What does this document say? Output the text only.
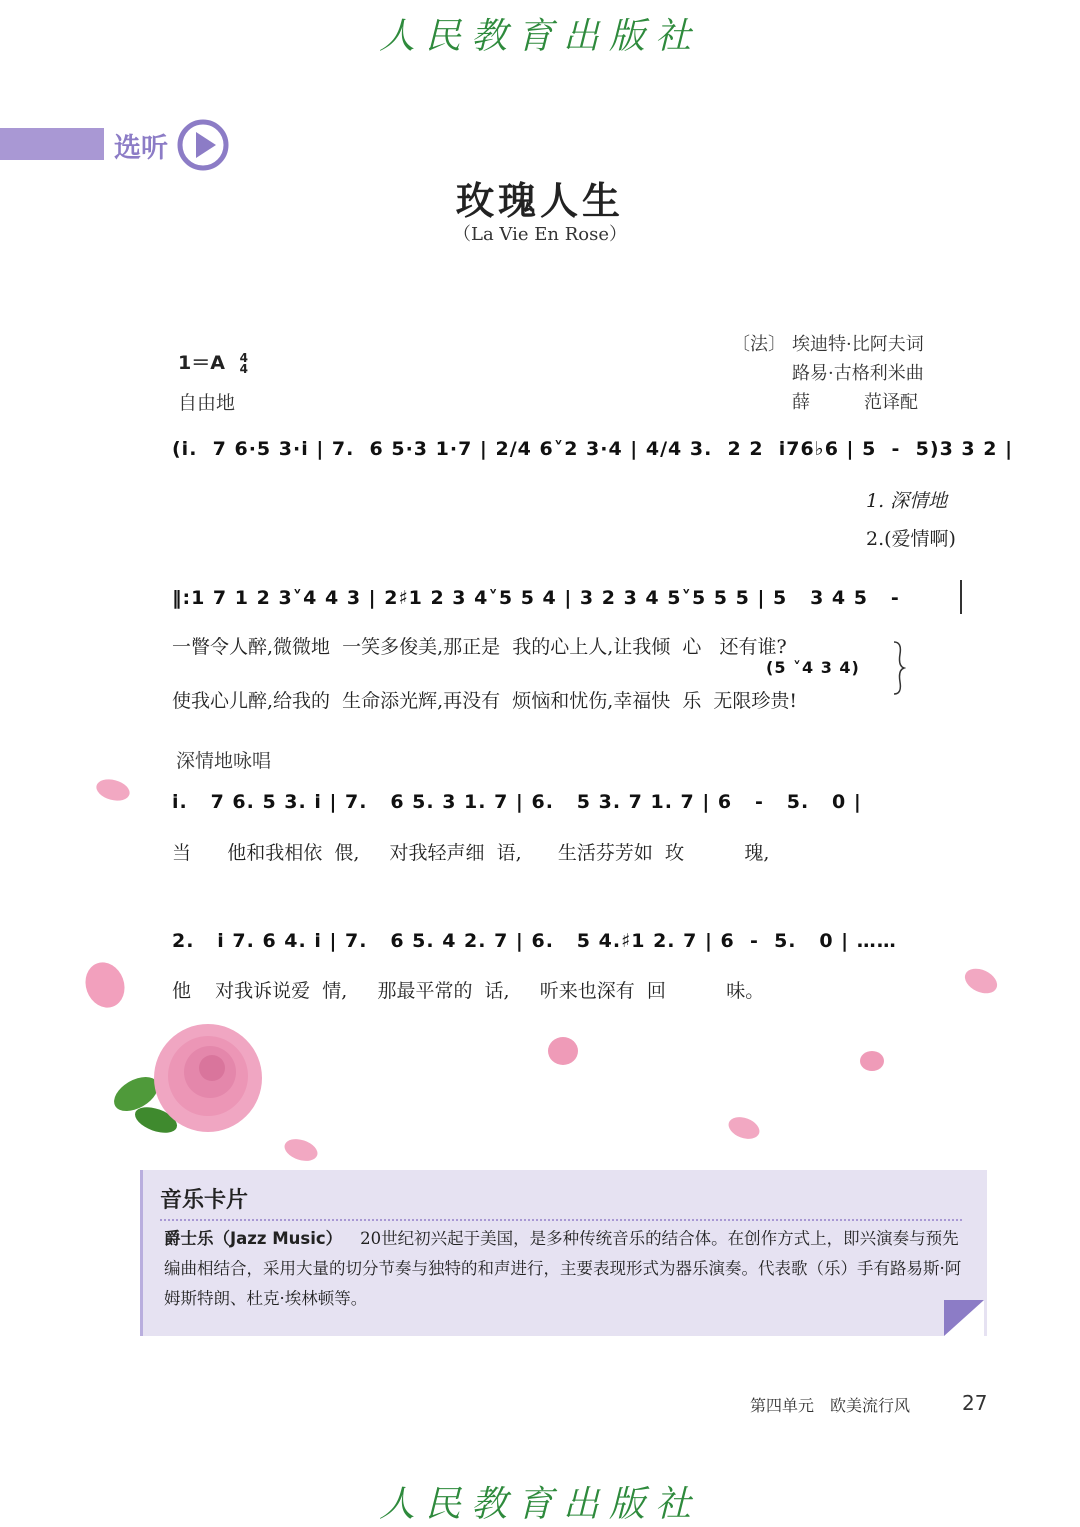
人民教育出版社
选听
玫瑰人生
（La Vie En Rose）
〔法〕 埃迪特·比阿夫词
路易·古格利米曲
薛　　　范译配
1＝A 4
4
自由地
(i.  7 6·5 3·i | 7.  6 5·3 1·7 | 2/4 6˅2 3·4 | 4/4 3.  2 2  i76♭6 | 5  -  5)3 3 2 |
1. 深情地
2.(爱情啊)
‖:1 7 1 2 3˅4 4 3 | 2♯1 2 3 4˅5 5 4 | 3 2 3 4 5˅5 5 5 | 5   3 4 5   -
一瞥令人醉,微微地  一笑多俊美,那正是  我的心上人,让我倾  心   还有谁?
(5 ˅4 3 4)
使我心儿醉,给我的  生命添光辉,再没有  烦恼和忧伤,幸福快  乐  无限珍贵!
深情地咏唱
i.   7 6. 5 3. i | 7.   6 5. 3 1. 7 | 6.   5 3. 7 1. 7 | 6   -   5.   0 |
当      他和我相依  偎,     对我轻声细  语,      生活芬芳如  玫          瑰,
2.   i 7. 6 4. i | 7.   6 5. 4 2. 7 | 6.   5 4.♯1 2. 7 | 6  -  5.   0 | ……
他    对我诉说爱  情,     那最平常的  话,     听来也深有  回          味。
音乐卡片
爵士乐（Jazz Music） 20世纪初兴起于美国，是多种传统音乐的结合体。在创作方式上，即兴演奏与预先编曲相结合，采用大量的切分节奏与独特的和声进行，主要表现形式为器乐演奏。代表歌（乐）手有路易斯·阿姆斯特朗、杜克·埃林顿等。
第四单元　欧美流行风	27
人民教育出版社
